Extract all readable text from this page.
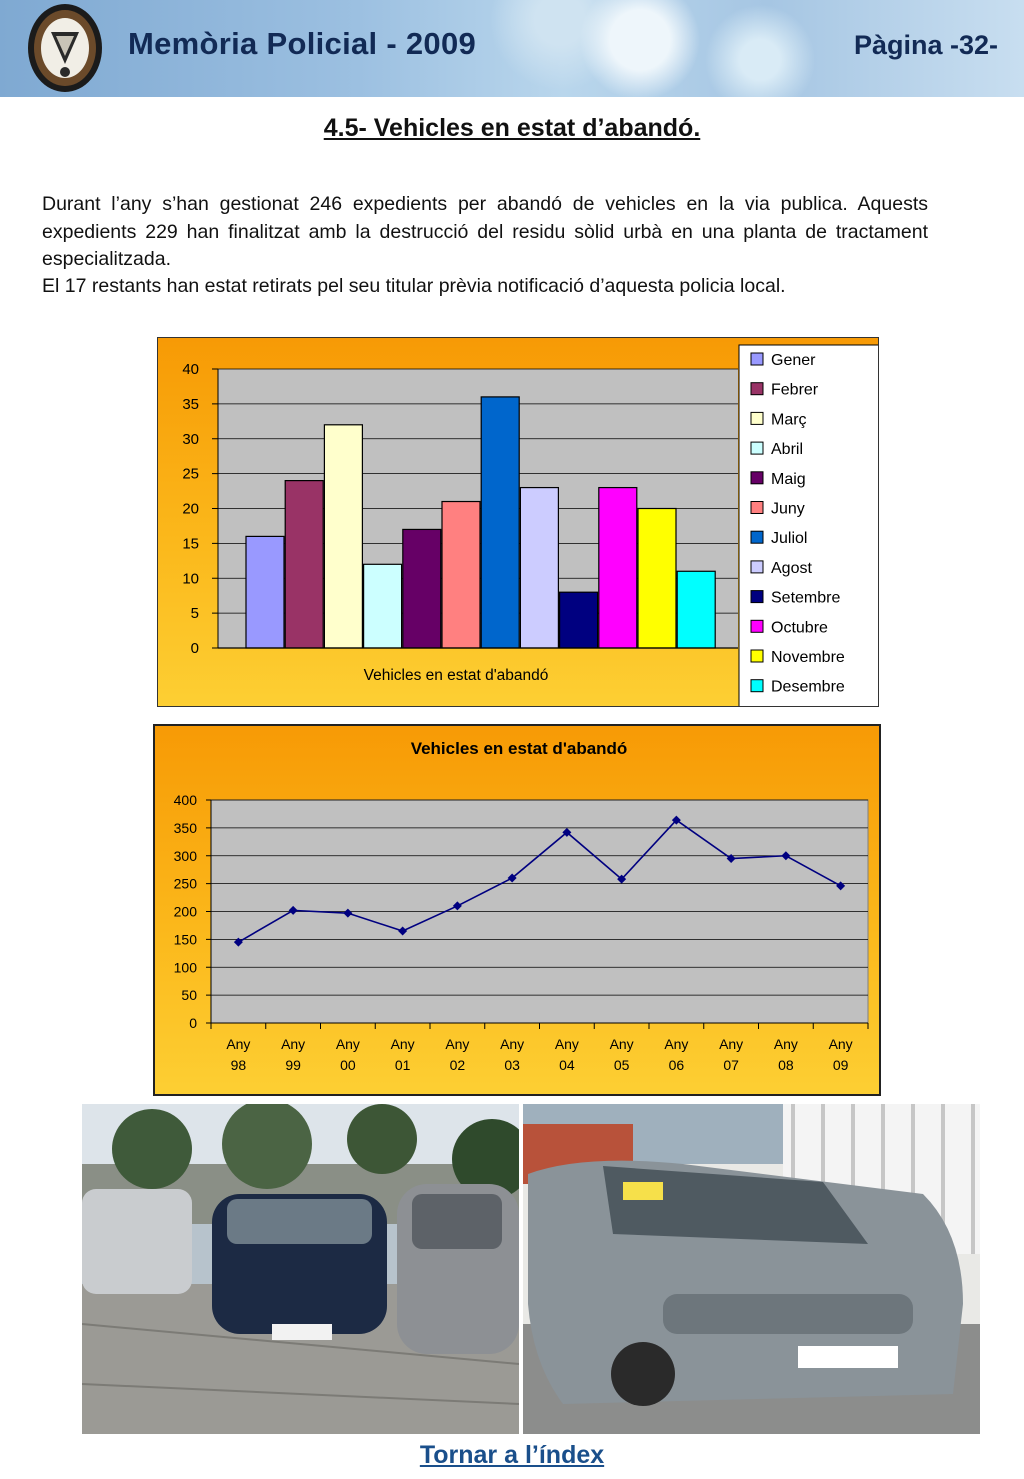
Memòria Policial - 2009	Pàgina -32-
4.5- Vehicles en estat d’abandó.
Durant l’any s’han gestionat 246 expedients per abandó de vehicles en la via publica. Aquests expedients 229 han finalitzat amb la destrucció del residu sòlid urbà en una planta de tractament especialitzada.
El 17 restants han estat retirats pel seu titular prèvia notificació d’aquesta policia local.
0
5
10
15
20
25
30
35
40
Vehicles en estat d'abandó
Gener
Febrer
Març
Abril
Maig
Juny
Juliol
Agost
Setembre
Octubre
Novembre
Desembre
Vehicles en estat d'abandó
0
50
100
150
200
250
300
350
400
Any
98
Any
99
Any
00
Any
01
Any
02
Any
03
Any
04
Any
05
Any
06
Any
07
Any
08
Any
09
Tornar a l’índex
